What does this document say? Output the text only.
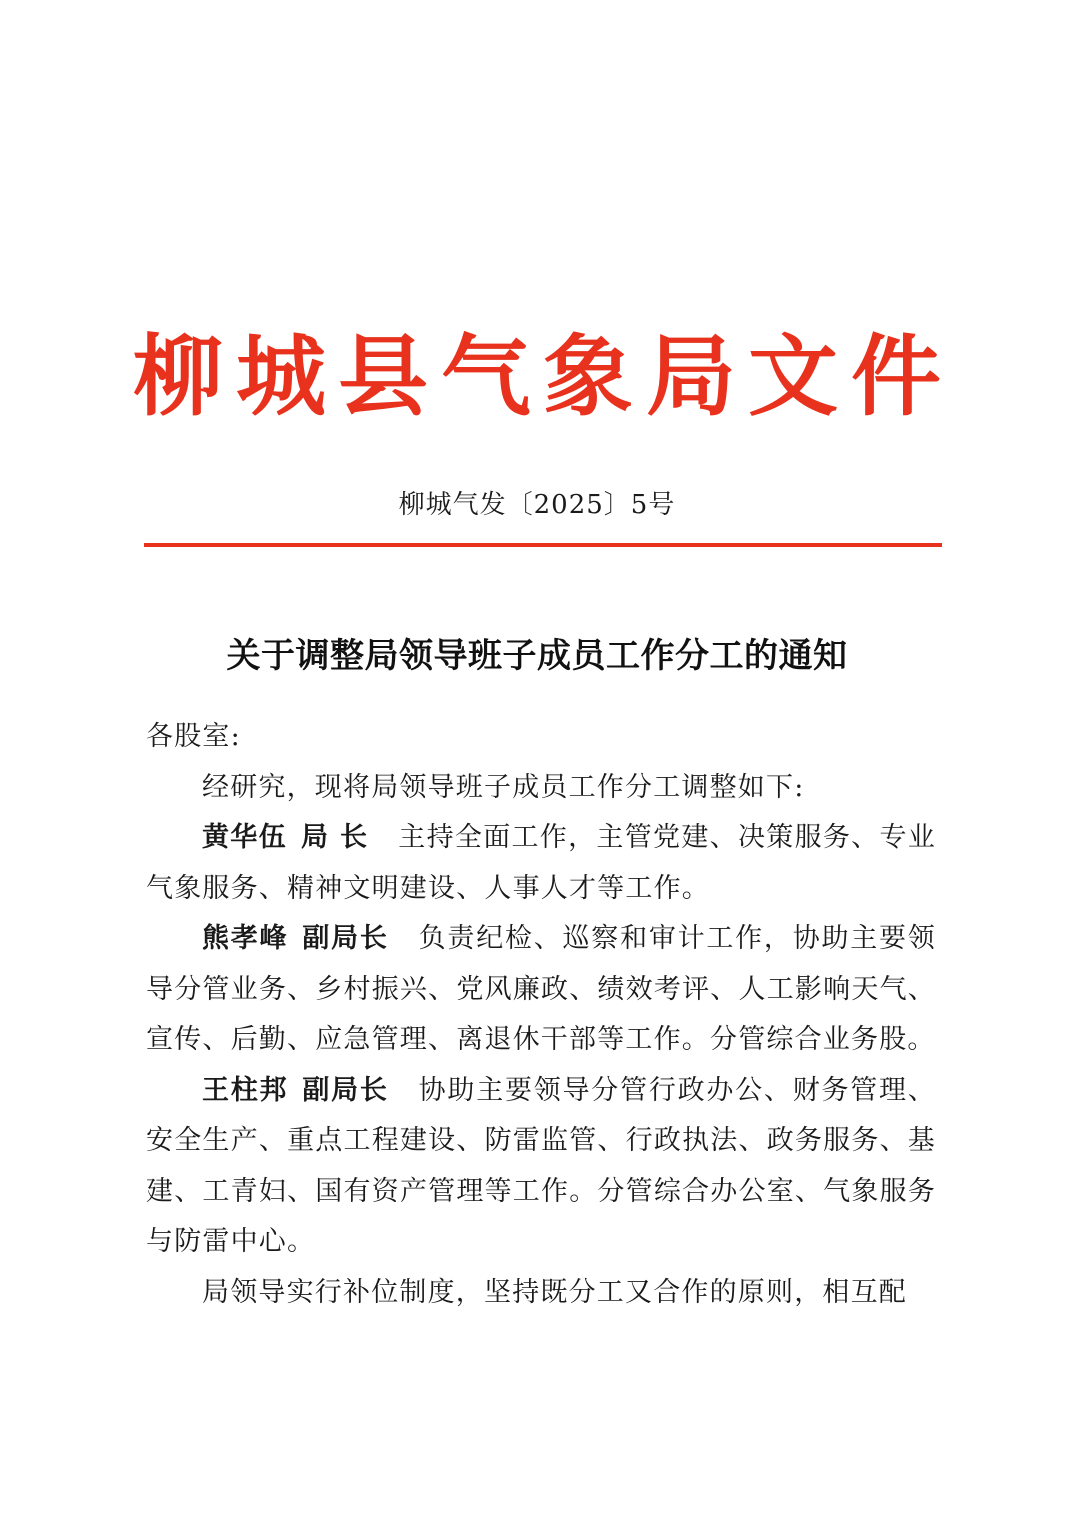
柳 城 县 气 象 局 文 件
柳城气发〔2025〕5号
关于调整局领导班子成员工作分工的通知

各股室:

经研究，现将局领导班子成员工作分工调整如下:

黄华伍 局 长 主持全面工作，主管党建、决策服务、专业气象服务、精神文明建设、人事人才等工作。

熊孝峰 副局长 负责纪检、巡察和审计工作，协助主要领导分管业务、乡村振兴、党风廉政、绩效考评、人工影响天气、宣传、后勤、应急管理、离退休干部等工作。分管综合业务股。

王柱邦 副局长 协助主要领导分管行政办公、财务管理、安全生产、重点工程建设、防雷监管、行政执法、政务服务、基建、工青妇、国有资产管理等工作。分管综合办公室、气象服务与防雷中心。

局领导实行补位制度，坚持既分工又合作的原则，相互配
